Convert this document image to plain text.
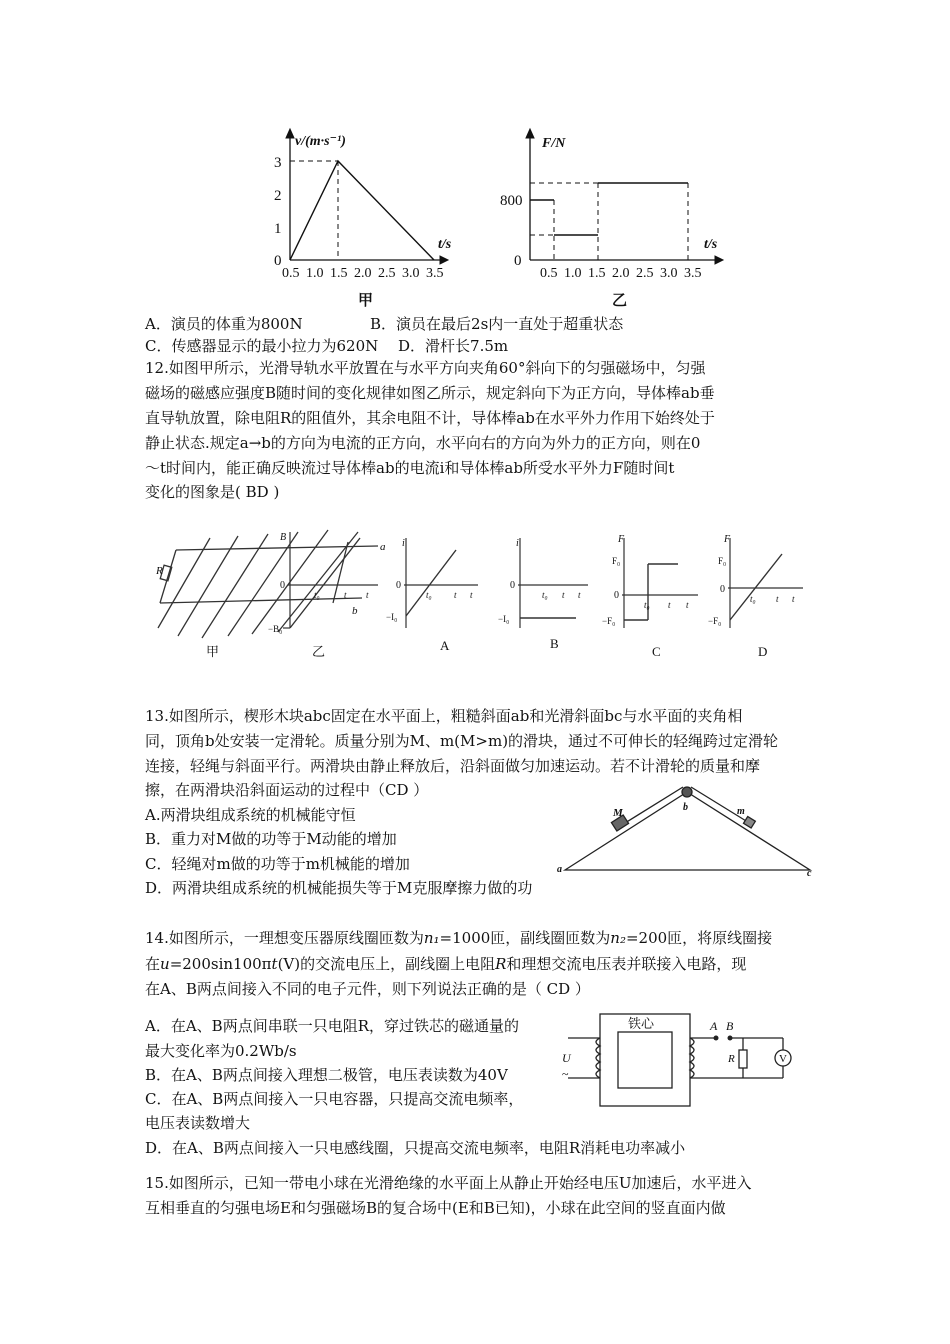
v/(m·s⁻¹)
t/s
3
2
1
0
0.5 1.0 1.5 2.0 2.5 3.0 3.5
甲
F/N
t/s
800
0
0.5 1.0 1.5 2.0 2.5 3.0 3.5
乙
A．演员的体重为800N	B．演员在最后2s内一直处于超重状态
C．传感器显示的最小拉力为620N D．滑杆长7.5m
12.如图甲所示，光滑导轨水平放置在与水平方向夹角60°斜向下的匀强磁场中，匀强
磁场的磁感应强度B随时间的变化规律如图乙所示，规定斜向下为正方向，导体棒ab垂
直导轨放置，除电阻R的阻值外，其余电阻不计，导体棒ab在水平外力作用下始终处于
静止状态.规定a→b的方向为电流的正方向，水平向右的方向为外力的正方向，则在0
～t时间内，能正确反映流过导体棒ab的电流i和导体棒ab所受水平外力F随时间t
变化的图象是( BD )
R
a
b
甲
B
0
t₀	t t
−B₀
乙
i
0
t₀ t t
−I₀
A
i
0
t₀ t t
−I₀
B
F
F₀
0
t₀ t t
−F₀
C
F
F₀
0
t₀ t t
−F₀
D
13.如图所示，楔形木块abc固定在水平面上，粗糙斜面ab和光滑斜面bc与水平面的夹角相
同，顶角b处安装一定滑轮。质量分别为M、m(M>m)的滑块，通过不可伸长的轻绳跨过定滑轮
连接，轻绳与斜面平行。两滑块由静止释放后，沿斜面做匀加速运动。若不计滑轮的质量和摩
擦，在两滑块沿斜面运动的过程中（CD ）
A.两滑块组成系统的机械能守恒
B．重力对M做的功等于M动能的增加
C．轻绳对m做的功等于m机械能的增加
D．两滑块组成系统的机械能损失等于M克服摩擦力做的功
M	m
b
a	c
14.如图所示，一理想变压器原线圈匝数为n₁=1000匝，副线圈匝数为n₂=200匝，将原线圈接
在u=200sin100πt(V)的交流电压上，副线圈上电阻R和理想交流电压表并联接入电路，现
在A、B两点间接入不同的电子元件，则下列说法正确的是（ CD ）
A．在A、B两点间串联一只电阻R，穿过铁芯的磁通量的
最大变化率为0.2Wb/s
B．在A、B两点间接入理想二极管，电压表读数为40V
C．在A、B两点间接入一只电容器，只提高交流电频率，
电压表读数增大
D．在A、B两点间接入一只电感线圈，只提高交流电频率，电阻R消耗电功率减小
铁心	A B
U
~
R	V
15.如图所示，已知一带电小球在光滑绝缘的水平面上从静止开始经电压U加速后，水平进入
互相垂直的匀强电场E和匀强磁场B的复合场中(E和B已知)，小球在此空间的竖直面内做
